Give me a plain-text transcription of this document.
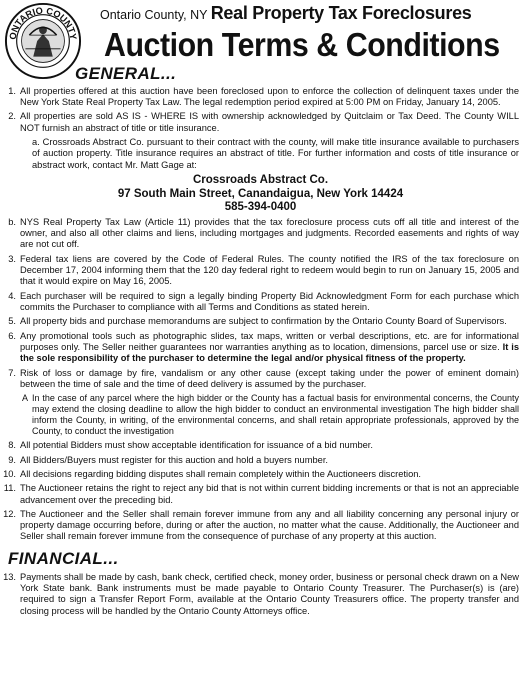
ONTARIO COUNTY
Ontario County, NY Real Property Tax Foreclosures
Auction Terms & Conditions
GENERAL...
1. All properties offered at this auction have been foreclosed upon to enforce the collection of delinquent taxes under the New York State Real Property Tax Law. The legal redemption period expired at 5:00 PM on Friday, January 14, 2005.
2. All properties are sold AS IS - WHERE IS with ownership acknowledged by Quitclaim or Tax Deed. The County WILL NOT furnish an abstract of title or title insurance.
a. Crossroads Abstract Co. pursuant to their contract with the county, will make title insurance available to purchasers of auction property. Title insurance requires an abstract of title. For further information and costs of title insurance or abstract work, contact Mr. Matt Gage at:
Crossroads Abstract Co.
97 South Main Street, Canandaigua, New York 14424
585-394-0400
b. NYS Real Property Tax Law (Article 11) provides that the tax foreclosure process cuts off all title and interest of the owner, and also all other claims and liens, including mortgages and judgments. Recorded easements and rights of way are not cut off.
3. Federal tax liens are covered by the Code of Federal Rules. The county notified the IRS of the tax foreclosure on December 17, 2004 informing them that the 120 day federal right to redeem would begin to run on January 15, 2005 and that it would expire on May 16, 2005.
4. Each purchaser will be required to sign a legally binding Property Bid Acknowledgment Form for each purchase which commits the Purchaser to compliance with all Terms and Conditions as stated herein.
5. All property bids and purchase memorandums are subject to confirmation by the Ontario County Board of Supervisors.
6. Any promotional tools such as photographic slides, tax maps, written or verbal descriptions, etc. are for informational purposes only. The Seller neither guarantees nor warranties anything as to location, dimensions, parcel use or size. It is the sole responsibility of the purchaser to determine the legal and/or physical fitness of the property.
7. Risk of loss or damage by fire, vandalism or any other cause (except taking under the power of eminent domain) between the time of sale and the time of deed delivery is assumed by the purchaser.
A In the case of any parcel where the high bidder or the County has a factual basis for environmental concerns, the County may extend the closing deadline to allow the high bidder to conduct an environmental investigation The high bidder shall inform the County, in writing, of the environmental concerns, and shall retain appropriate professionals, approved by the County, to conduct the investigation
8. All potential Bidders must show acceptable identification for issuance of a bid number.
9. All Bidders/Buyers must register for this auction and hold a buyers number.
10. All decisions regarding bidding disputes shall remain completely within the Auctioneers discretion.
11. The Auctioneer retains the right to reject any bid that is not within current bidding increments or that is not an appreciable advancement over the preceding bid.
12. The Auctioneer and the Seller shall remain forever immune from any and all liability concerning any personal injury or property damage occurring before, during or after the auction, no matter what the cause. Additionally, the Auctioneer and Seller shall remain forever immune from the consequence of purchase of any property at this auction.
FINANCIAL...
13. Payments shall be made by cash, bank check, certified check, money order, business or personal check drawn on a New York State bank. Bank instruments must be made payable to Ontario County Treasurer. The Purchaser(s) is (are) required to sign a Transfer Report Form, available at the Ontario County Treasurers office. The property transfer and closing process will be handled by the Ontario County Attorneys office.
